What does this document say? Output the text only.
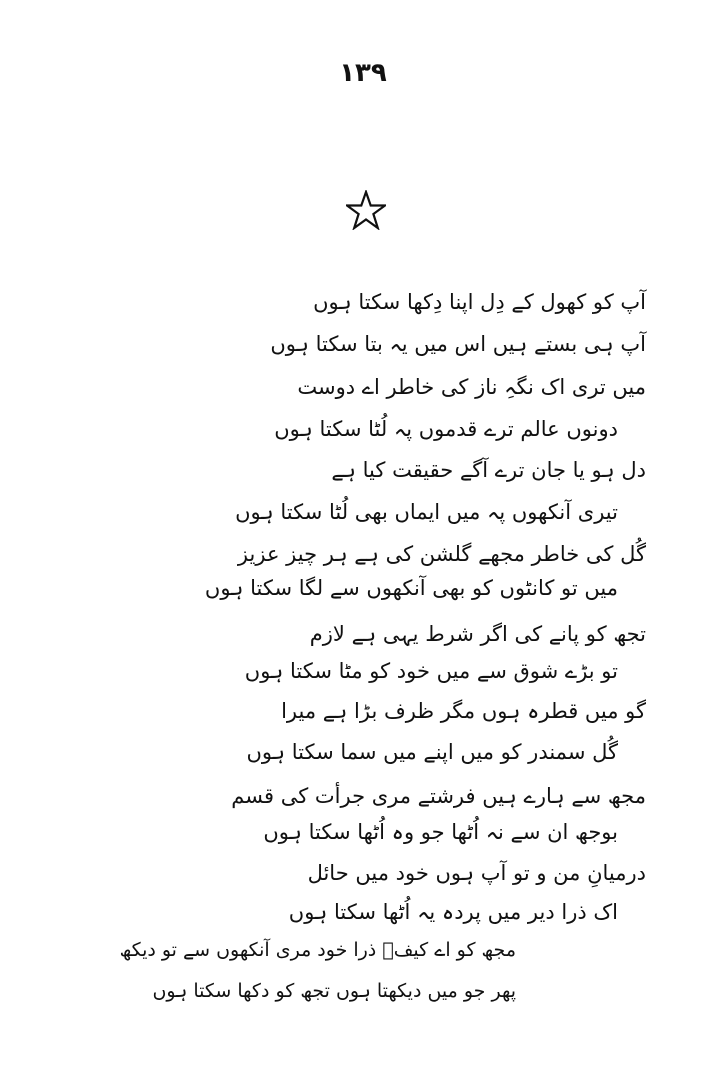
۱۳۹
آپ کو کھول کے دِل اپنا دِکھا سکتا ہوں
آپ ہی بستے ہیں اس میں یہ بتا سکتا ہوں
میں تری اک نگہِ ناز کی خاطر اے دوست
دونوں عالم ترے قدموں پہ لُٹا سکتا ہوں
دل ہو یا جان ترے آگے حقیقت کیا ہے
تیری آنکھوں پہ میں ایماں بھی لُٹا سکتا ہوں
گُل کی خاطر مجھے گلشن کی ہے ہر چیز عزیز
میں تو کانٹوں کو بھی آنکھوں سے لگا سکتا ہوں
تجھ کو پانے کی اگر شرط یہی ہے لازم
تو بڑے شوق سے میں خود کو مٹا سکتا ہوں
گو میں قطرہ ہوں مگر ظرف بڑا ہے میرا
گُل سمندر کو میں اپنے میں سما سکتا ہوں
مجھ سے ہارے ہیں فرشتے مری جرأت کی قسم
بوجھ ان سے نہ اُٹھا جو وہ اُٹھا سکتا ہوں
درمیانِ من و تو آپ ہوں خود میں حائل
اک ذرا دیر میں پردہ یہ اُٹھا سکتا ہوں
مجھ کو اے کیفؔ ذرا خود مری آنکھوں سے تو دیکھ
پھر جو میں دیکھتا ہوں تجھ کو دکھا سکتا ہوں
